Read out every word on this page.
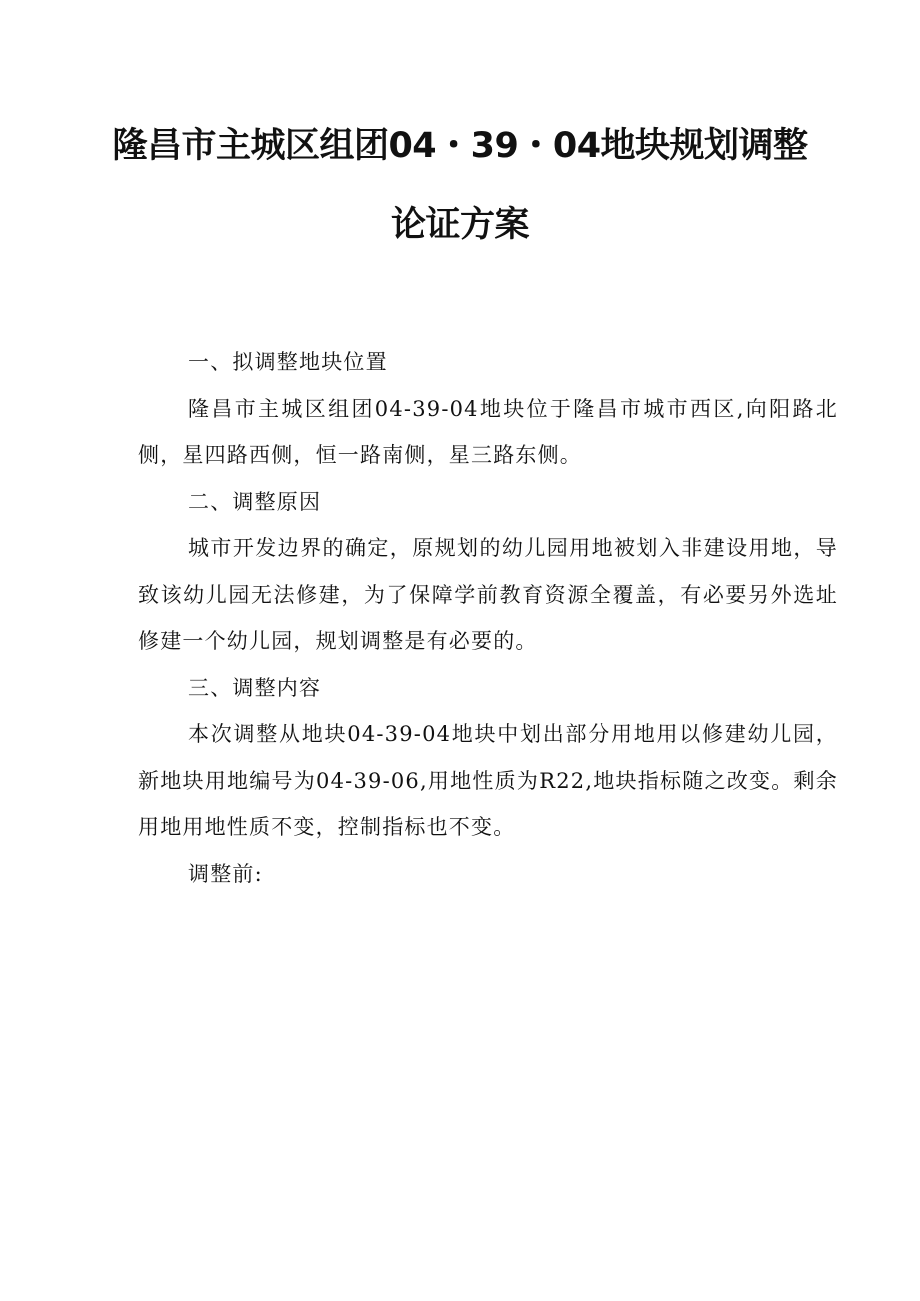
隆昌市主城区组团04・39・04地块规划调整
论证方案

一、拟调整地块位置

隆昌市主城区组团04-39-04地块位于隆昌市城市西区,向阳路北侧，星四路西侧，恒一路南侧，星三路东侧。

二、调整原因

城市开发边界的确定，原规划的幼儿园用地被划入非建设用地，导致该幼儿园无法修建，为了保障学前教育资源全覆盖，有必要另外选址修建一个幼儿园，规划调整是有必要的。

三、调整内容

本次调整从地块04-39-04地块中划出部分用地用以修建幼儿园，新地块用地编号为04-39-06,用地性质为R22,地块指标随之改变。剩余用地用地性质不变，控制指标也不变。

调整前:
